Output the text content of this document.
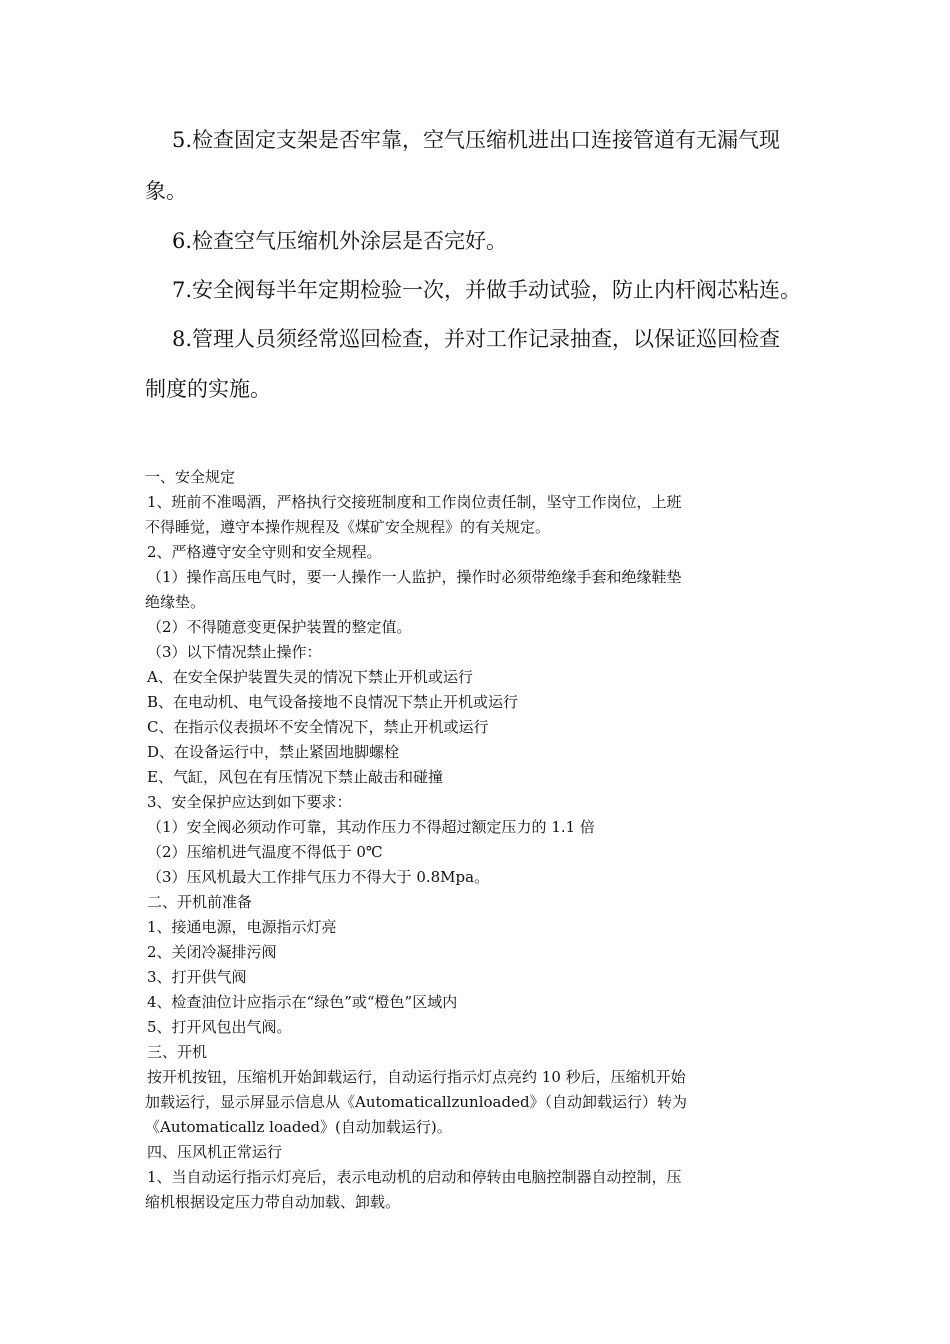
5.检查固定支架是否牢靠，空气压缩机进出口连接管道有无漏气现

象。

6.检查空气压缩机外涂层是否完好。

7.安全阀每半年定期检验一次，并做手动试验，防止内杆阀芯粘连。

8.管理人员须经常巡回检查，并对工作记录抽查，以保证巡回检查

制度的实施。

一、安全规定

1、班前不准喝酒，严格执行交接班制度和工作岗位责任制，坚守工作岗位，上班

不得睡觉，遵守本操作规程及《煤矿安全规程》的有关规定。

2、严格遵守安全守则和安全规程。

（1）操作高压电气时，要一人操作一人监护，操作时必须带绝缘手套和绝缘鞋垫

绝缘垫。

（2）不得随意变更保护装置的整定值。

（3）以下情况禁止操作：

A、在安全保护装置失灵的情况下禁止开机或运行

B、在电动机、电气设备接地不良情况下禁止开机或运行

C、在指示仪表损坏不安全情况下，禁止开机或运行

D、在设备运行中，禁止紧固地脚螺栓

E、气缸，风包在有压情况下禁止敲击和碰撞

3、安全保护应达到如下要求：

（1）安全阀必须动作可靠，其动作压力不得超过额定压力的 1.1 倍

（2）压缩机进气温度不得低于 0℃

（3）压风机最大工作排气压力不得大于 0.8Mpa。

二、开机前准备

1、接通电源，电源指示灯亮

2、关闭冷凝排污阀

3、打开供气阀

4、检查油位计应指示在“绿色”或“橙色”区域内

5、打开风包出气阀。

三、开机

按开机按钮，压缩机开始卸载运行，自动运行指示灯点亮约 10 秒后，压缩机开始

加载运行，显示屏显示信息从《Automaticallzunloaded》（自动卸载运行）转为

《Automaticallz loaded》(自动加载运行)。

四、压风机正常运行

1、当自动运行指示灯亮后，表示电动机的启动和停转由电脑控制器自动控制，压

缩机根据设定压力带自动加载、卸载。
